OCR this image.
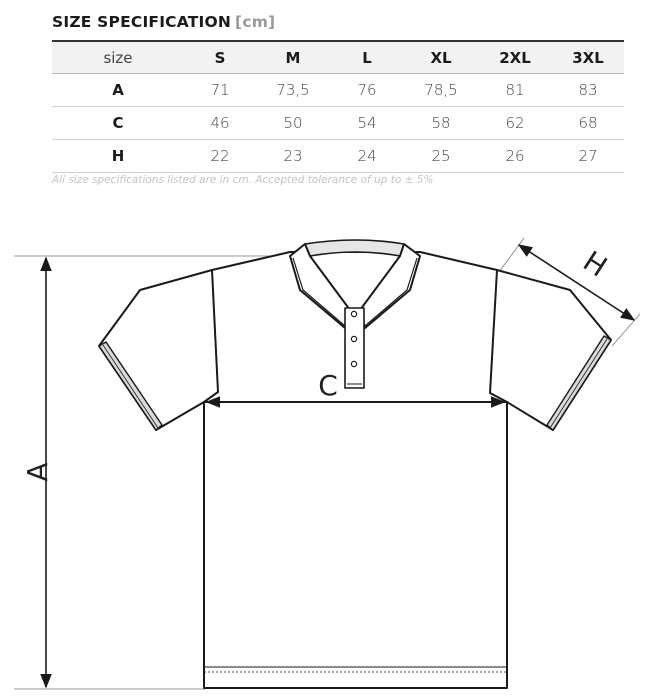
SIZE SPECIFICATION [cm]
size	S	M	L	XL	2XL	3XL
A	71	73,5	76	78,5	81	83
C	46	50	54	58	62	68
H	22	23	24	25	26	27
All size specifications listed are in cm. Accepted tolerance of up to ± 5%
A
H
C
